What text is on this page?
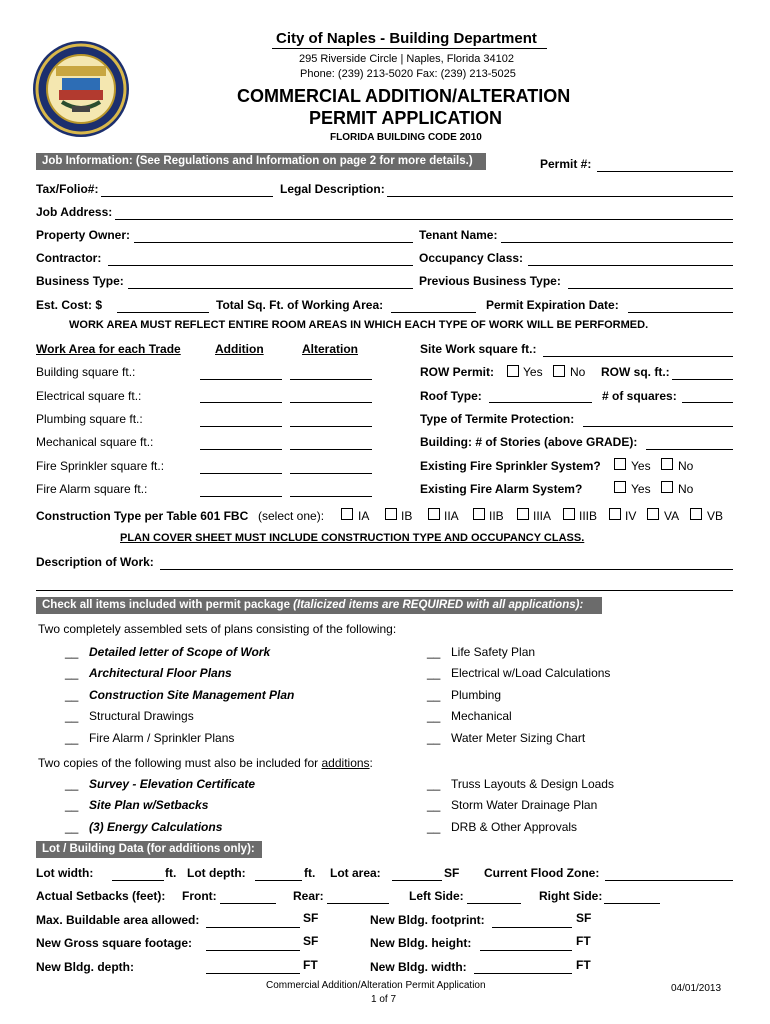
City of Naples - Building Department
295 Riverside Circle | Naples, Florida 34102
Phone: (239) 213-5020 Fax: (239) 213-5025
COMMERCIAL ADDITION/ALTERATION
PERMIT APPLICATION
FLORIDA BUILDING CODE 2010
Job Information: (See Regulations and Information on page 2 for more details.)	Permit #:
Tax/Folio#:	Legal Description:
Job Address:
Property Owner:	Tenant Name:
Contractor:	Occupancy Class:
Business Type:	Previous Business Type:
Est. Cost: $	Total Sq. Ft. of Working Area:	Permit Expiration Date:
WORK AREA MUST REFLECT ENTIRE ROOM AREAS IN WHICH EACH TYPE OF WORK WILL BE PERFORMED.
Work Area for each Trade	Addition	Alteration
Building square ft.:
Electrical square ft.:
Plumbing square ft.:
Mechanical square ft.:
Fire Sprinkler square ft.:
Fire Alarm square ft.:
Site Work square ft.:
ROW Permit: Yes No ROW sq. ft.:
Roof Type:	# of squares:
Type of Termite Protection:
Building: # of Stories (above GRADE):
Existing Fire Sprinkler System?	Yes No
Existing Fire Alarm System?	Yes No
Construction Type per Table 601 FBC (select one):	IA	IB	IIA	IIB IIIA IIIB IV VA VB
PLAN COVER SHEET MUST INCLUDE CONSTRUCTION TYPE AND OCCUPANCY CLASS.
Description of Work:
Check all items included with permit package (Italicized items are REQUIRED with all applications):
Two completely assembled sets of plans consisting of the following:
__ Detailed letter of Scope of Work
__ Architectural Floor Plans
__ Construction Site Management Plan
__ Structural Drawings
__ Fire Alarm / Sprinkler Plans
__ Life Safety Plan
__ Electrical w/Load Calculations
__ Plumbing
__ Mechanical
__ Water Meter Sizing Chart
Two copies of the following must also be included for additions:
__ Survey - Elevation Certificate
__ Site Plan w/Setbacks
__ (3) Energy Calculations
__ Truss Layouts & Design Loads
__ Storm Water Drainage Plan
__ DRB & Other Approvals
Lot / Building Data (for additions only):
Lot width:	ft. Lot depth:	ft. Lot area:	SF Current Flood Zone:
Actual Setbacks (feet): Front:	Rear:	Left Side:	Right Side:
Max. Buildable area allowed:	SF	New Bldg. footprint:	SF
New Gross square footage:	SF	New Bldg. height:	FT
New Bldg. depth:	FT	New Bldg. width:	FT
Commercial Addition/Alteration Permit Application
1 of 7
04/01/2013
